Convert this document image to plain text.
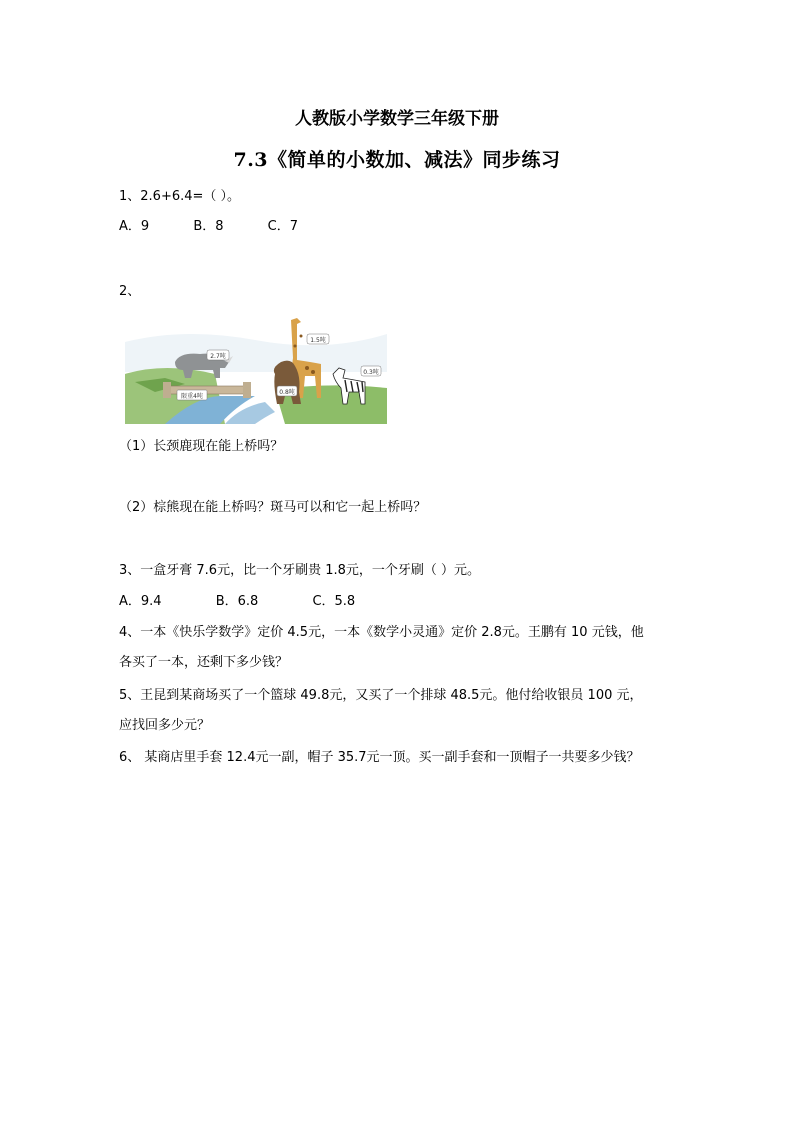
人教版小学数学三年级下册
7.3《简单的小数加、减法》同步练习
1、2.6+6.4=（ ）。
A．9	B．8	C．7
2、
限重4吨
2.7吨
1.5吨
0.8吨
0.3吨
（1）长颈鹿现在能上桥吗？
（2）棕熊现在能上桥吗？斑马可以和它一起上桥吗？
3、一盒牙膏 7.6元，比一个牙刷贵 1.8元，一个牙刷（ ）元。
A．9.4	B．6.8	C．5.8
4、一本《快乐学数学》定价 4.5元，一本《数学小灵通》定价 2.8元。王鹏有 10 元钱，他
各买了一本，还剩下多少钱？
5、王昆到某商场买了一个篮球 49.8元，又买了一个排球 48.5元。他付给收银员 100 元，
应找回多少元？
6、 某商店里手套 12.4元一副，帽子 35.7元一顶。买一副手套和一顶帽子一共要多少钱？
